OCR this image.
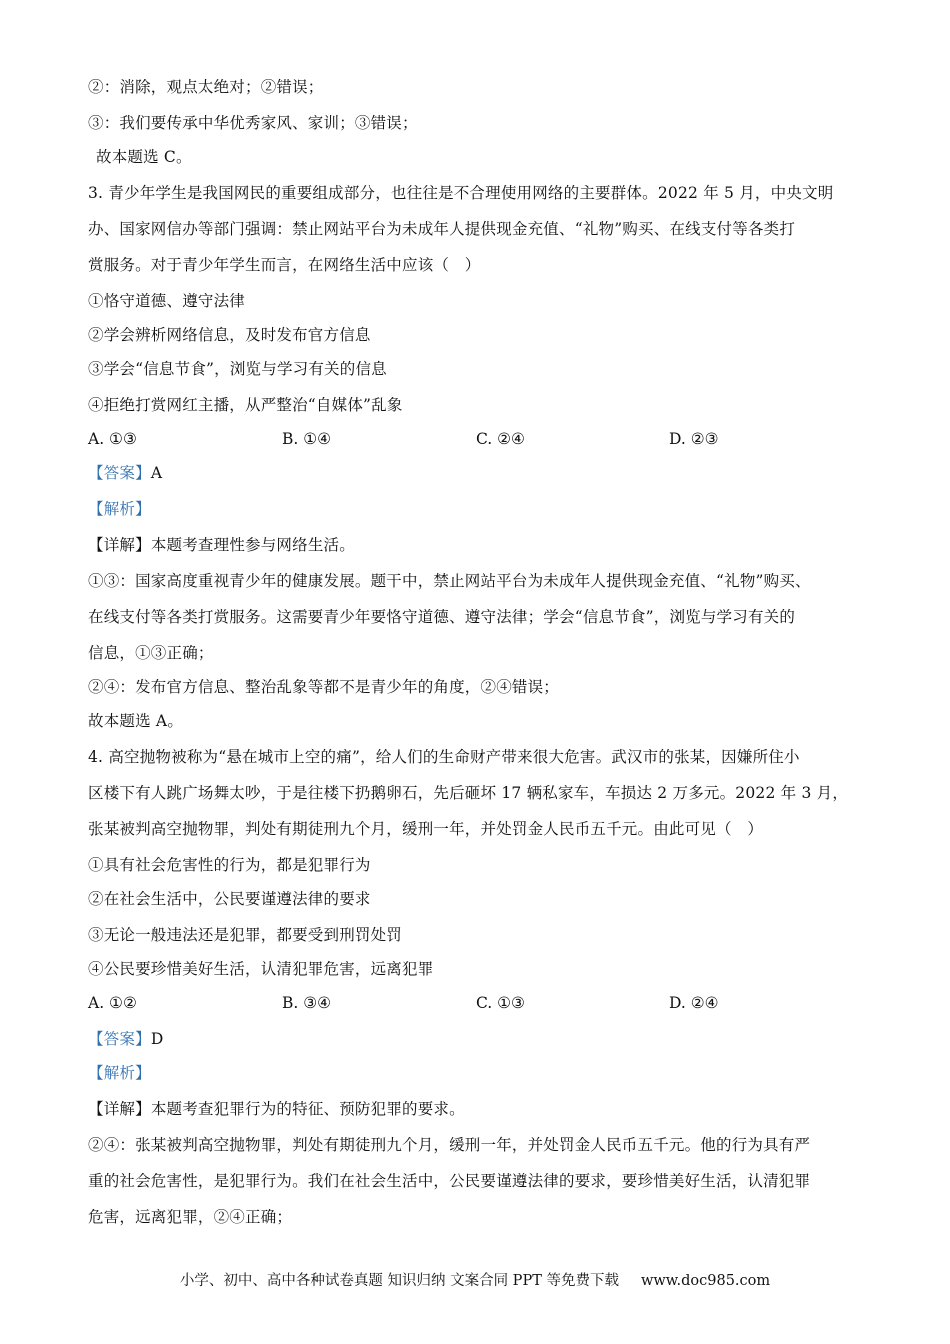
②：消除，观点太绝对；②错误；
③：我们要传承中华优秀家风、家训；③错误；
故本题选 C。
3. 青少年学生是我国网民的重要组成部分，也往往是不合理使用网络的主要群体。2022 年 5 月，中央文明
办、国家网信办等部门强调：禁止网站平台为未成年人提供现金充值、“礼物”购买、在线支付等各类打
赏服务。对于青少年学生而言，在网络生活中应该（　）
①恪守道德、遵守法律
②学会辨析网络信息，及时发布官方信息
③学会“信息节食”，浏览与学习有关的信息
④拒绝打赏网红主播，从严整治“自媒体”乱象
A. ①③	B. ①④	C. ②④	D. ②③
【答案】A
【解析】
【详解】本题考查理性参与网络生活。
①③：国家高度重视青少年的健康发展。题干中，禁止网站平台为未成年人提供现金充值、“礼物”购买、
在线支付等各类打赏服务。这需要青少年要恪守道德、遵守法律；学会“信息节食”，浏览与学习有关的
信息，①③正确；
②④：发布官方信息、整治乱象等都不是青少年的角度，②④错误；
故本题选 A。
4. 高空抛物被称为“悬在城市上空的痛”，给人们的生命财产带来很大危害。武汉市的张某，因嫌所住小
区楼下有人跳广场舞太吵，于是往楼下扔鹅卵石，先后砸坏 17 辆私家车，车损达 2 万多元。2022 年 3 月，
张某被判高空抛物罪，判处有期徒刑九个月，缓刑一年，并处罚金人民币五千元。由此可见（　）
①具有社会危害性的行为，都是犯罪行为
②在社会生活中，公民要谨遵法律的要求
③无论一般违法还是犯罪，都要受到刑罚处罚
④公民要珍惜美好生活，认清犯罪危害，远离犯罪
A. ①②	B. ③④	C. ①③	D. ②④
【答案】D
【解析】
【详解】本题考查犯罪行为的特征、预防犯罪的要求。
②④：张某被判高空抛物罪，判处有期徒刑九个月，缓刑一年，并处罚金人民币五千元。他的行为具有严
重的社会危害性，是犯罪行为。我们在社会生活中，公民要谨遵法律的要求，要珍惜美好生活，认清犯罪
危害，远离犯罪，②④正确；
小学、初中、高中各种试卷真题 知识归纳 文案合同 PPT 等免费下载 www.doc985.com
